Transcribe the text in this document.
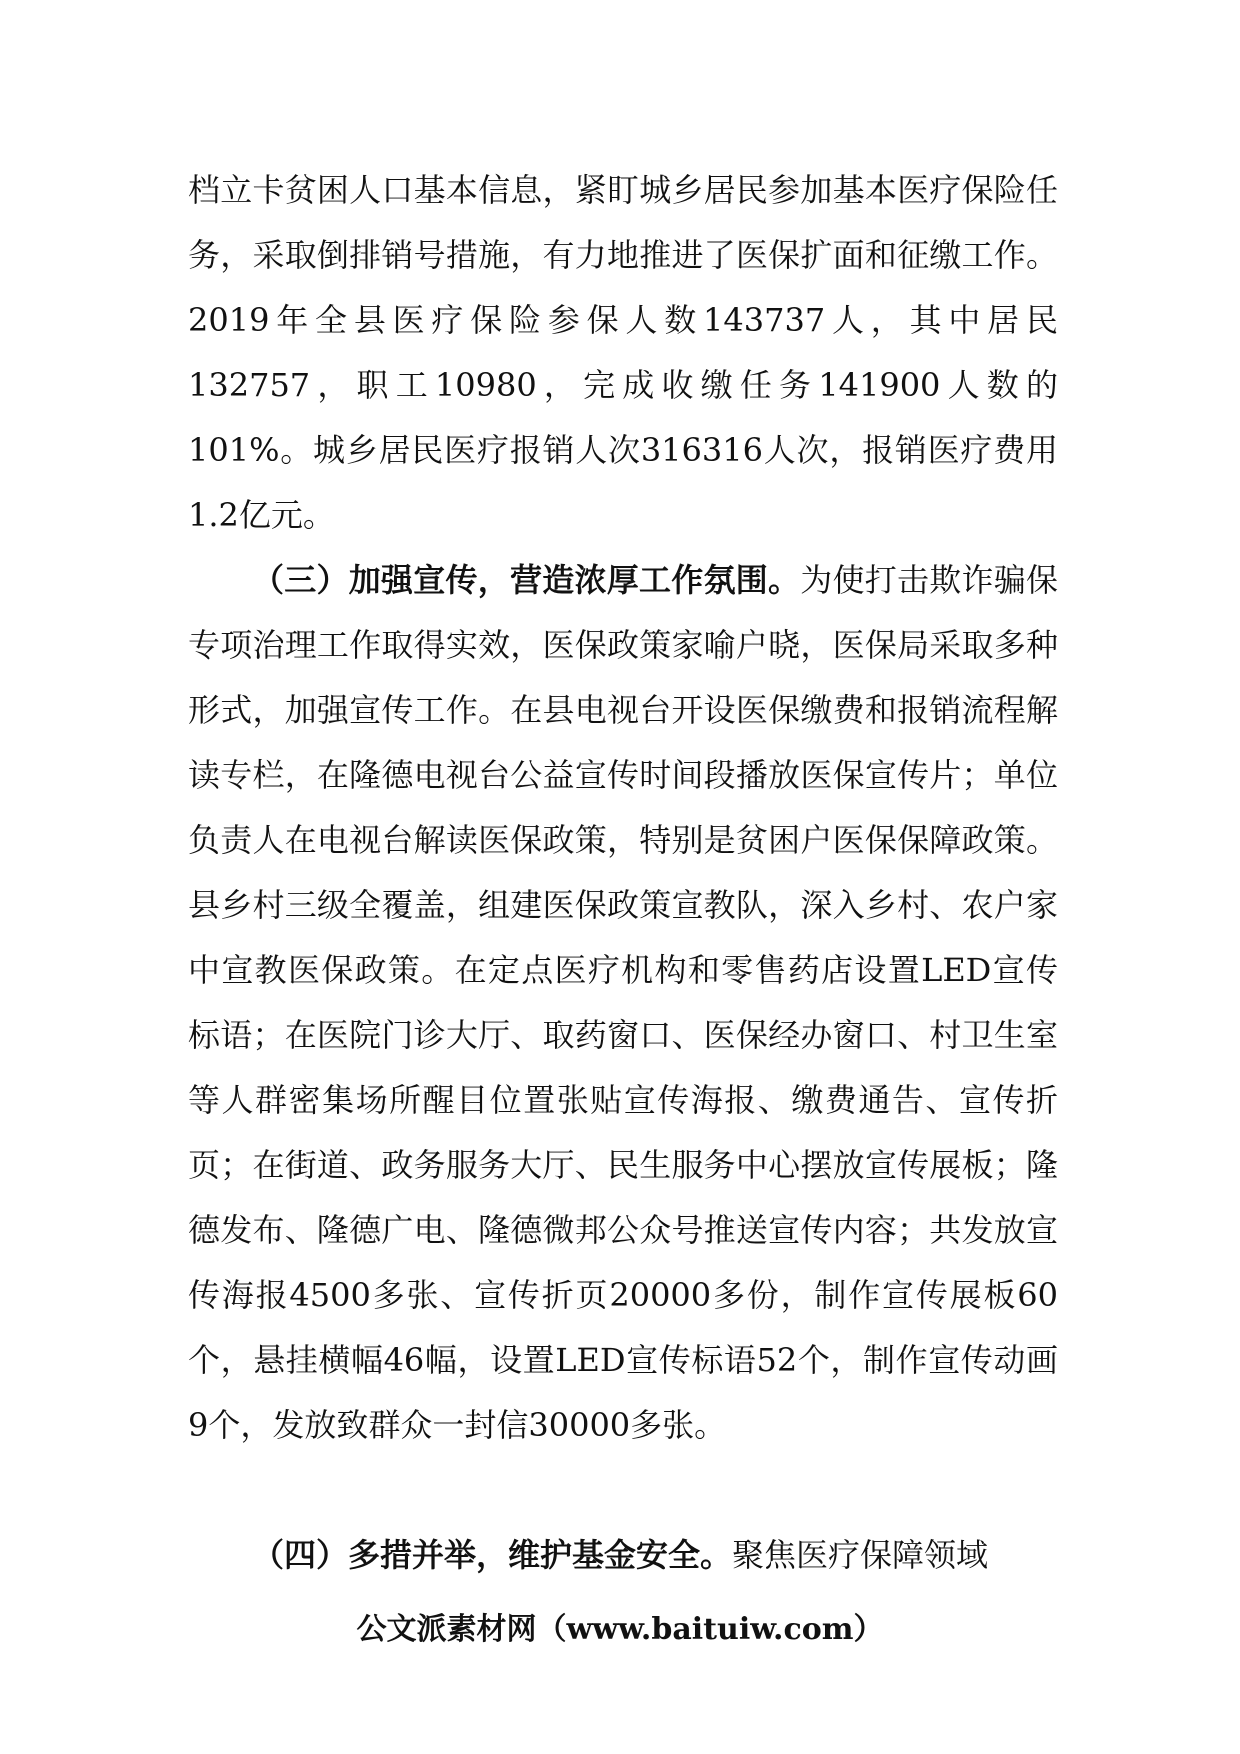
档立卡贫困人口基本信息，紧盯城乡居民参加基本医疗保险任务，采取倒排销号措施，有力地推进了医保扩面和征缴工作。2019年全县医疗保险参保人数143737人，其中居民132757，职工10980，完成收缴任务141900人数的101%。城乡居民医疗报销人次316316人次，报销医疗费用1.2亿元。

（三）加强宣传，营造浓厚工作氛围。为使打击欺诈骗保专项治理工作取得实效，医保政策家喻户晓，医保局采取多种形式，加强宣传工作。在县电视台开设医保缴费和报销流程解读专栏，在隆德电视台公益宣传时间段播放医保宣传片；单位负责人在电视台解读医保政策，特别是贫困户医保保障政策。县乡村三级全覆盖，组建医保政策宣教队，深入乡村、农户家中宣教医保政策。在定点医疗机构和零售药店设置LED宣传标语；在医院门诊大厅、取药窗口、医保经办窗口、村卫生室等人群密集场所醒目位置张贴宣传海报、缴费通告、宣传折页；在街道、政务服务大厅、民生服务中心摆放宣传展板；隆德发布、隆德广电、隆德微邦公众号推送宣传内容；共发放宣传海报4500多张、宣传折页20000多份，制作宣传展板60个，悬挂横幅46幅，设置LED宣传标语52个，制作宣传动画9个，发放致群众一封信30000多张。

（四）多措并举，维护基金安全。聚焦医疗保障领域

公文派素材网（www.baituiw.com）
